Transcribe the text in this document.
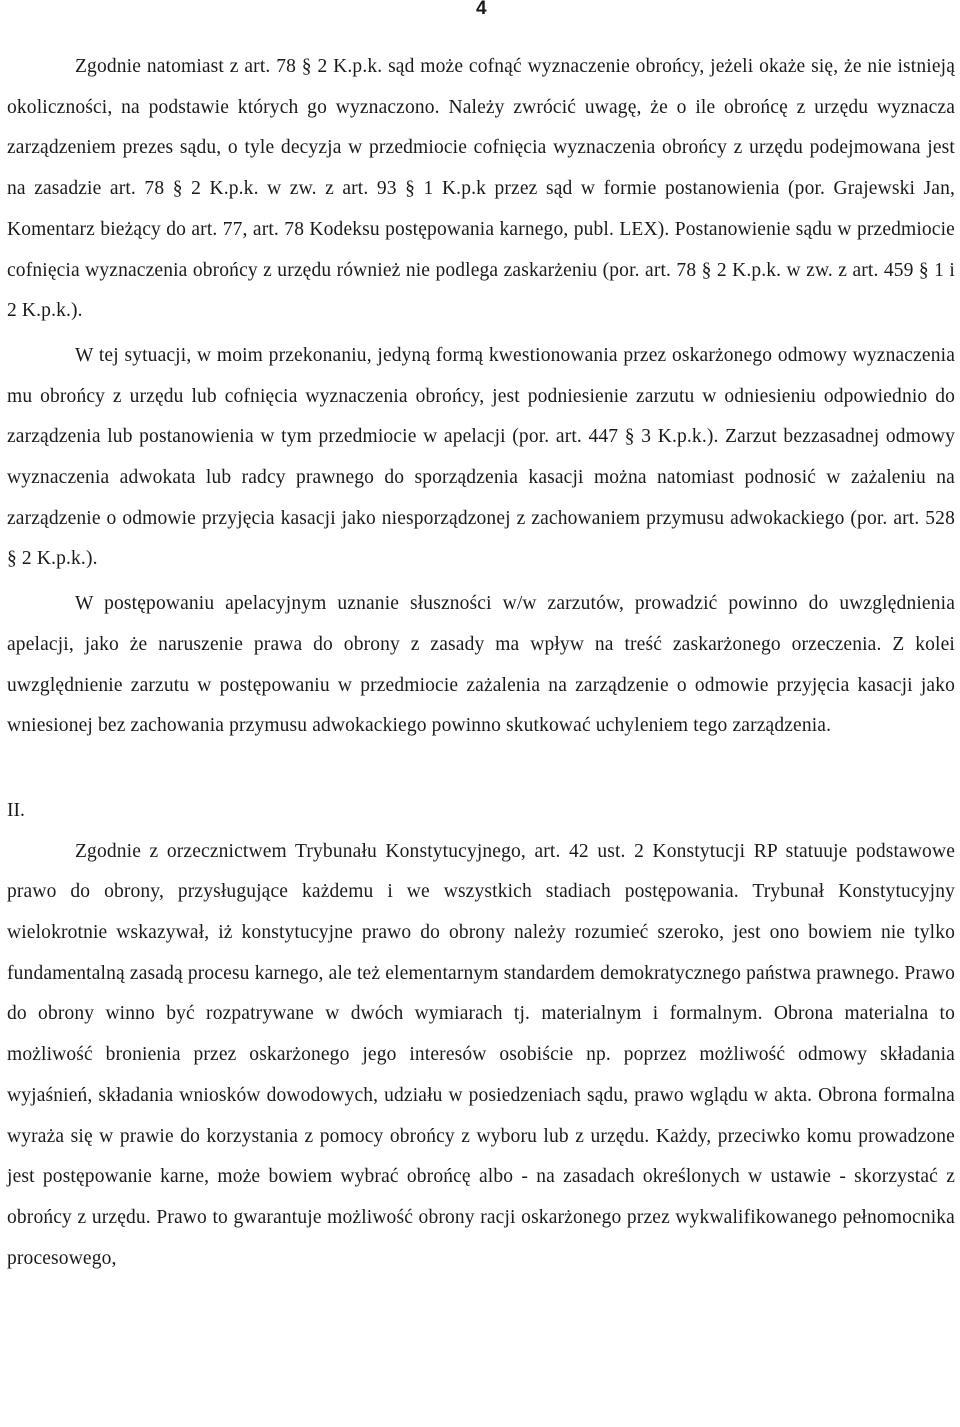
4

Zgodnie natomiast z art. 78 § 2 K.p.k. sąd może cofnąć wyznaczenie obrońcy, jeżeli okaże się, że nie istnieją okoliczności, na podstawie których go wyznaczono. Należy zwrócić uwagę, że o ile obrońcę z urzędu wyznacza zarządzeniem prezes sądu, o tyle decyzja w przedmiocie cofnięcia wyznaczenia obrońcy z urzędu podejmowana jest na zasadzie art. 78 § 2 K.p.k. w zw. z art. 93 § 1 K.p.k przez sąd w formie postanowienia (por. Grajewski Jan, Komentarz bieżący do art. 77, art. 78 Kodeksu postępowania karnego, publ. LEX). Postanowienie sądu w przedmiocie cofnięcia wyznaczenia obrońcy z urzędu również nie podlega zaskarżeniu (por. art. 78 § 2 K.p.k. w zw. z art. 459 § 1 i 2 K.p.k.).

W tej sytuacji, w moim przekonaniu, jedyną formą kwestionowania przez oskarżonego odmowy wyznaczenia mu obrońcy z urzędu lub cofnięcia wyznaczenia obrońcy, jest podniesienie zarzutu w odniesieniu odpowiednio do zarządzenia lub postanowienia w tym przedmiocie w apelacji (por. art. 447 § 3 K.p.k.). Zarzut bezzasadnej odmowy wyznaczenia adwokata lub radcy prawnego do sporządzenia kasacji można natomiast podnosić w zażaleniu na zarządzenie o odmowie przyjęcia kasacji jako niesporządzonej z zachowaniem przymusu adwokackiego (por. art. 528 § 2 K.p.k.).

W postępowaniu apelacyjnym uznanie słuszności w/w zarzutów, prowadzić powinno do uwzględnienia apelacji, jako że naruszenie prawa do obrony z zasady ma wpływ na treść zaskarżonego orzeczenia. Z kolei uwzględnienie zarzutu w postępowaniu w przedmiocie zażalenia na zarządzenie o odmowie przyjęcia kasacji jako wniesionej bez zachowania przymusu adwokackiego powinno skutkować uchyleniem tego zarządzenia.

II.

Zgodnie z orzecznictwem Trybunału Konstytucyjnego, art. 42 ust. 2 Konstytucji RP statuuje podstawowe prawo do obrony, przysługujące każdemu i we wszystkich stadiach postępowania. Trybunał Konstytucyjny wielokrotnie wskazywał, iż konstytucyjne prawo do obrony należy rozumieć szeroko, jest ono bowiem nie tylko fundamentalną zasadą procesu karnego, ale też elementarnym standardem demokratycznego państwa prawnego. Prawo do obrony winno być rozpatrywane w dwóch wymiarach tj. materialnym i formalnym. Obrona materialna to możliwość bronienia przez oskarżonego jego interesów osobiście np. poprzez możliwość odmowy składania wyjaśnień, składania wniosków dowodowych, udziału w posiedzeniach sądu, prawo wglądu w akta. Obrona formalna wyraża się w prawie do korzystania z pomocy obrońcy z wyboru lub z urzędu. Każdy, przeciwko komu prowadzone jest postępowanie karne, może bowiem wybrać obrońcę albo - na zasadach określonych w ustawie - skorzystać z obrońcy z urzędu. Prawo to gwarantuje możliwość obrony racji oskarżonego przez wykwalifikowanego pełnomocnika procesowego,
